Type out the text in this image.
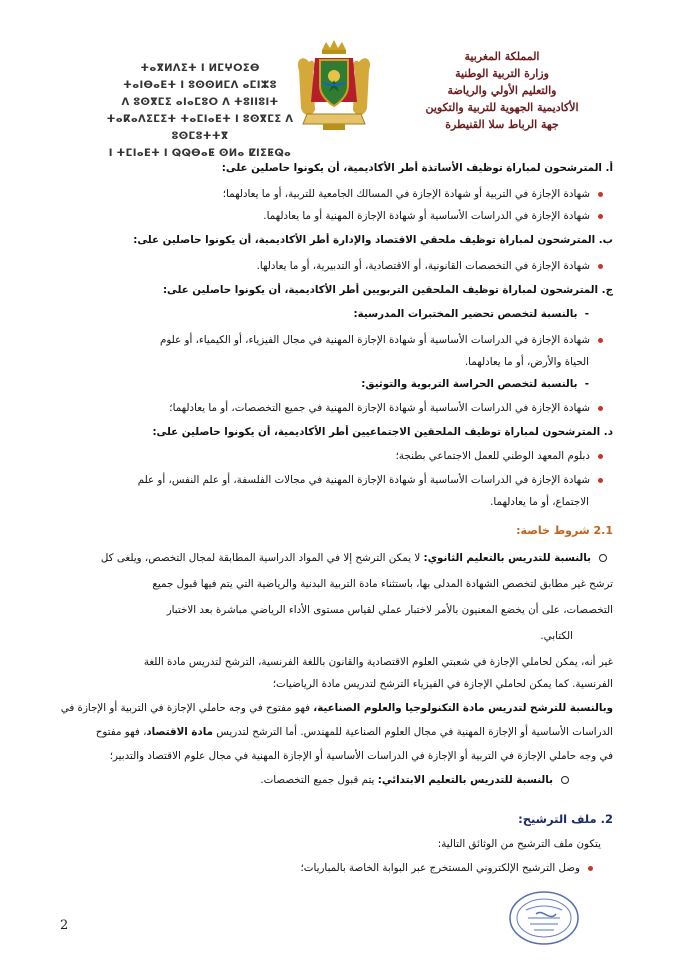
ⵜⴰⴳⵍⴷⵉⵜ ⵏ ⵍⵎⵖⵔⵉⴱ
ⵜⴰⵏⴱⴰⴹⵜ ⵏ ⵓⵙⵙⵍⵎⴷ ⴰⵎⵏⵣⵓ
ⴷ ⵓⵙⴳⵎⵉ ⴰⵏⴰⵎⵓⵔ ⴷ ⵜⵓⵏⵏⵓⵏⵜ
ⵜⴰⴽⴰⴷⵉⵎⵉⵜ ⵜⴰⵎⵏⴰⴹⵜ ⵏ ⵓⵙⴳⵎⵉ ⴷ ⵓⵙⵎⵓⵜⵜⴳ
ⵏ ⵜⵎⵏⴰⴹⵜ ⵏ ⵕⵕⴱⴰⵟ ⵙⵍⴰ ⵇⵏⵉⵟⵕⴰ
المملكة المغربية
وزارة التربية الوطنية
والتعليم الأولي والرياضة
الأكاديمية الجهوية للتربية والتكوين
جهة الرباط سلا القنيطرة
أ. المترشحون لمباراة توظيف الأساتذة أطر الأكاديمية، أن يكونوا حاصلين على:
شهادة الإجازة في التربية أو شهادة الإجازة في المسالك الجامعية للتربية، أو ما يعادلهما؛
شهادة الإجازة في الدراسات الأساسية أو شهادة الإجازة المهنية أو ما يعادلهما.
ب. المترشحون لمباراة توظيف ملحقي الاقتصاد والإدارة أطر الأكاديمية، أن يكونوا حاصلين على:
شهادة الإجازة في التخصصات القانونية، أو الاقتصادية، أو التدبيرية، أو ما يعادلها.
ج. المترشحون لمباراة توظيف الملحقين التربويين أطر الأكاديمية، أن يكونوا حاصلين على:
-  بالنسبة لتخصص تحضير المختبرات المدرسية:
شهادة الإجازة في الدراسات الأساسية أو شهادة الإجازة المهنية في مجال الفيزياء، أو الكيمياء، أو علوم
الحياة والأرض، أو ما يعادلهما.
-  بالنسبة لتخصص الحراسة التربوية والتوثيق:
شهادة الإجازة في الدراسات الأساسية أو شهادة الإجازة المهنية في جميع التخصصات، أو ما يعادلهما؛
د. المترشحون لمباراة توظيف الملحقين الاجتماعيين أطر الأكاديمية، أن يكونوا حاصلين على:
دبلوم المعهد الوطني للعمل الاجتماعي بطنجة؛
شهادة الإجازة في الدراسات الأساسية أو شهادة الإجازة المهنية في مجالات الفلسفة، أو علم النفس، أو علم
الاجتماع، أو ما يعادلهما.
2.1 شروط خاصة:
بالنسبة للتدريس بالتعليم الثانوي: لا يمكن الترشح إلا في المواد الدراسية المطابقة لمجال التخصص، ويلغى كل
ترشح غير مطابق لتخصص الشهادة المدلى بها، باستثناء مادة التربية البدنية والرياضية التي يتم فيها قبول جميع
التخصصات، على أن يخضع المعنيون بالأمر لاختبار عملي لقياس مستوى الأداء الرياضي مباشرة بعد الاختبار
الكتابي.
غير أنه، يمكن لحاملي الإجازة في شعبتي العلوم الاقتصادية والقانون باللغة الفرنسية، الترشح لتدريس مادة اللغة
الفرنسية. كما يمكن لحاملي الإجازة في الفيزياء الترشح لتدريس مادة الرياضيات؛
وبالنسبة للترشح لتدريس مادة التكنولوجيا والعلوم الصناعية، فهو مفتوح في وجه حاملي الإجازة في التربية أو الإجازة في
الدراسات الأساسية أو الإجازة المهنية في مجال العلوم الصناعية للمهندس. أما الترشح لتدريس مادة الاقتصاد، فهو مفتوح
في وجه حاملي الإجازة في التربية أو الإجازة في الدراسات الأساسية أو الإجازة المهنية في مجال علوم الاقتصاد والتدبير؛
بالنسبة للتدريس بالتعليم الابتدائي: يتم قبول جميع التخصصات.
2. ملف الترشيح:
يتكون ملف الترشيح من الوثائق التالية:
وصل الترشيح الإلكتروني المستخرج عبر البوابة الخاصة بالمباريات؛
2
